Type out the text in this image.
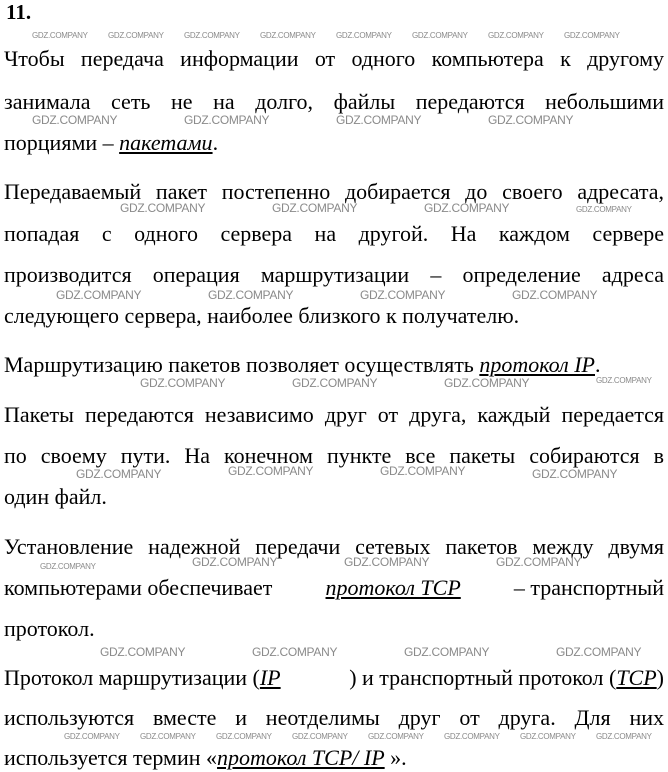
11.
Чтобы передача информации от одного компьютера к другому
занимала сеть не на долго, файлы передаются небольшими
порциями – пакетами.
Передаваемый пакет постепенно добирается до своего адресата,
попадая с одного сервера на другой. На каждом сервере
производится операция маршрутизации – определение адреса
следующего сервера, наиболее близкого к получателю.
Маршрутизацию пакетов позволяет осуществлять протокол IP.
Пакеты передаются независимо друг от друга, каждый передается
по своему пути. На конечном пункте все пакеты собираются в
один файл.
Установление надежной передачи сетевых пакетов между двумя
компьютерами обеспечивает протокол TCP – транспортный
протокол.
Протокол маршрутизации (IP	) и транспортный протокол (TCP)
используются вместе и неотделимы друг от друга. Для них
используется термин «протокол TCP/ IP ».
GDZ.COMPANY	GDZ.COMPANY	GDZ.COMPANY	GDZ.COMPANY	GDZ.COMPANY	GDZ.COMPANY	GDZ.COMPANY	GDZ.COMPANY
GDZ.COMPANY	GDZ.COMPANY	GDZ.COMPANY	GDZ.COMPANY
GDZ.COMPANY	GDZ.COMPANY	GDZ.COMPANY	GDZ.COMPANY
GDZ.COMPANY	GDZ.COMPANY	GDZ.COMPANY	GDZ.COMPANY
GDZ.COMPANY	GDZ.COMPANY	GDZ.COMPANY	GDZ.COMPANY
GDZ.COMPANY	GDZ.COMPANY	GDZ.COMPANY	GDZ.COMPANY
GDZ.COMPANY	GDZ.COMPANY	GDZ.COMPANY	GDZ.COMPANY
GDZ.COMPANY	GDZ.COMPANY	GDZ.COMPANY	GDZ.COMPANY
GDZ.COMPANY	GDZ.COMPANY	GDZ.COMPANY	GDZ.COMPANY	GDZ.COMPANY	GDZ.COMPANY	GDZ.COMPANY	GDZ.COMPANY
